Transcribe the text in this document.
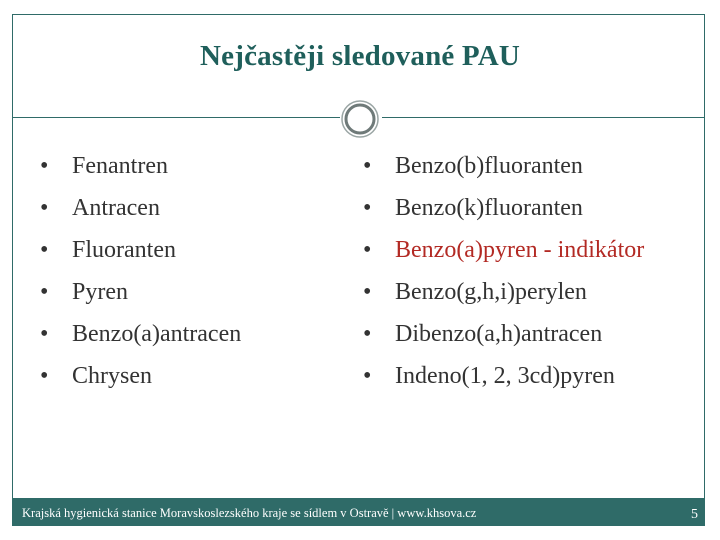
Nejčastěji sledované PAU
• Fenantren
• Antracen
• Fluoranten
• Pyren
• Benzo(a)antracen
• Chrysen
• Benzo(b)fluoranten
• Benzo(k)fluoranten
• Benzo(a)pyren - indikátor
• Benzo(g,h,i)perylen
• Dibenzo(a,h)antracen
• Indeno(1, 2, 3cd)pyren
Krajská hygienická stanice Moravskoslezského kraje se sídlem v Ostravě | www.khsova.cz	5
